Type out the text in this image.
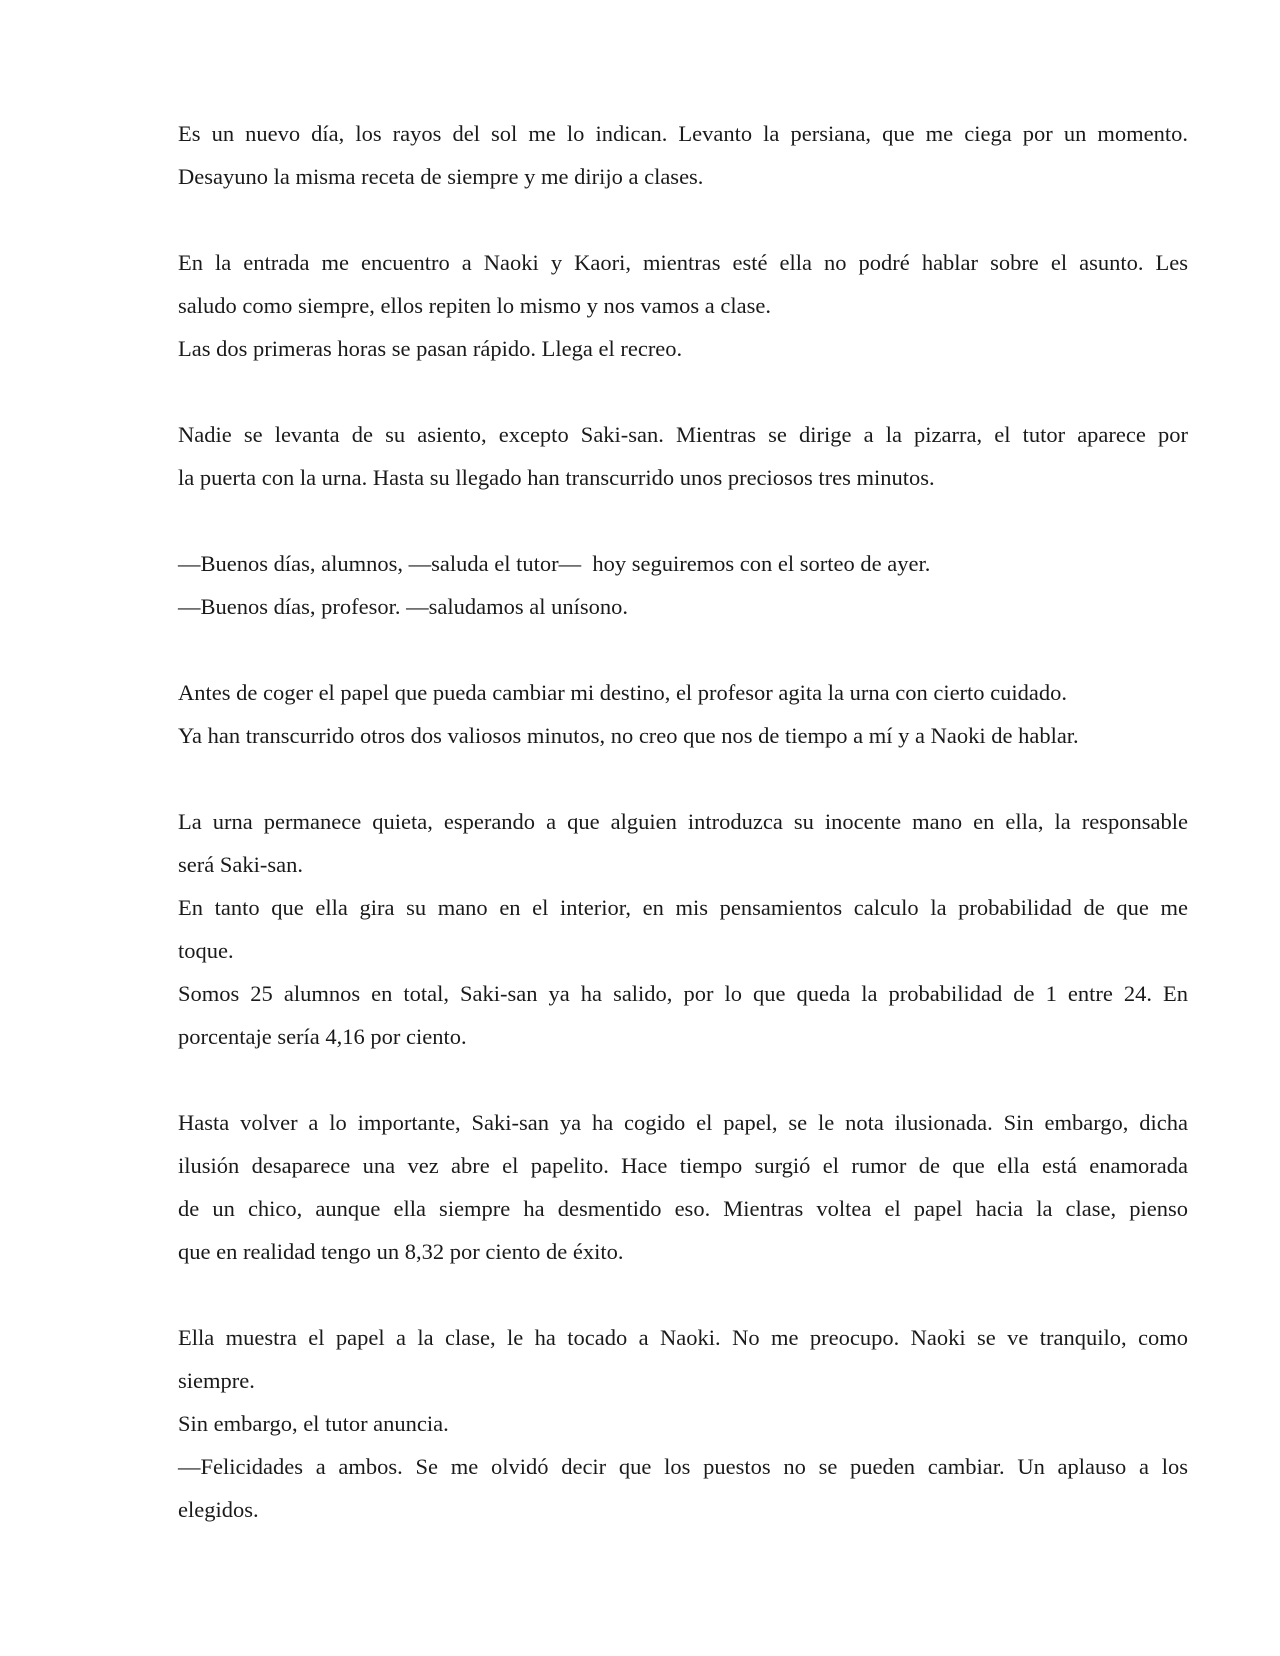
Es un nuevo día, los rayos del sol me lo indican. Levanto la persiana, que me ciega por un momento.
Desayuno la misma receta de siempre y me dirijo a clases.
En la entrada me encuentro a Naoki y Kaori, mientras esté ella no podré hablar sobre el asunto. Les
saludo como siempre, ellos repiten lo mismo y nos vamos a clase.
Las dos primeras horas se pasan rápido. Llega el recreo.
Nadie se levanta de su asiento, excepto Saki-san. Mientras se dirige a la pizarra, el tutor aparece por
la puerta con la urna. Hasta su llegado han transcurrido unos preciosos tres minutos.
—Buenos días, alumnos, —saluda el tutor—  hoy seguiremos con el sorteo de ayer.
—Buenos días, profesor. —saludamos al unísono.
Antes de coger el papel que pueda cambiar mi destino, el profesor agita la urna con cierto cuidado.
Ya han transcurrido otros dos valiosos minutos, no creo que nos de tiempo a mí y a Naoki de hablar.
La urna permanece quieta, esperando a que alguien introduzca su inocente mano en ella, la responsable
será Saki-san.
En tanto que ella gira su mano en el interior, en mis pensamientos calculo la probabilidad de que me
toque.
Somos 25 alumnos en total, Saki-san ya ha salido, por lo que queda la probabilidad de 1 entre 24. En
porcentaje sería 4,16 por ciento.
Hasta volver a lo importante, Saki-san ya ha cogido el papel, se le nota ilusionada. Sin embargo, dicha
ilusión desaparece una vez abre el papelito. Hace tiempo surgió el rumor de que ella está enamorada
de un chico, aunque ella siempre ha desmentido eso. Mientras voltea el papel hacia la clase, pienso
que en realidad tengo un 8,32 por ciento de éxito.
Ella muestra el papel a la clase, le ha tocado a Naoki. No me preocupo. Naoki se ve tranquilo, como
siempre.
Sin embargo, el tutor anuncia.
—Felicidades a ambos. Se me olvidó decir que los puestos no se pueden cambiar. Un aplauso a los
elegidos.
